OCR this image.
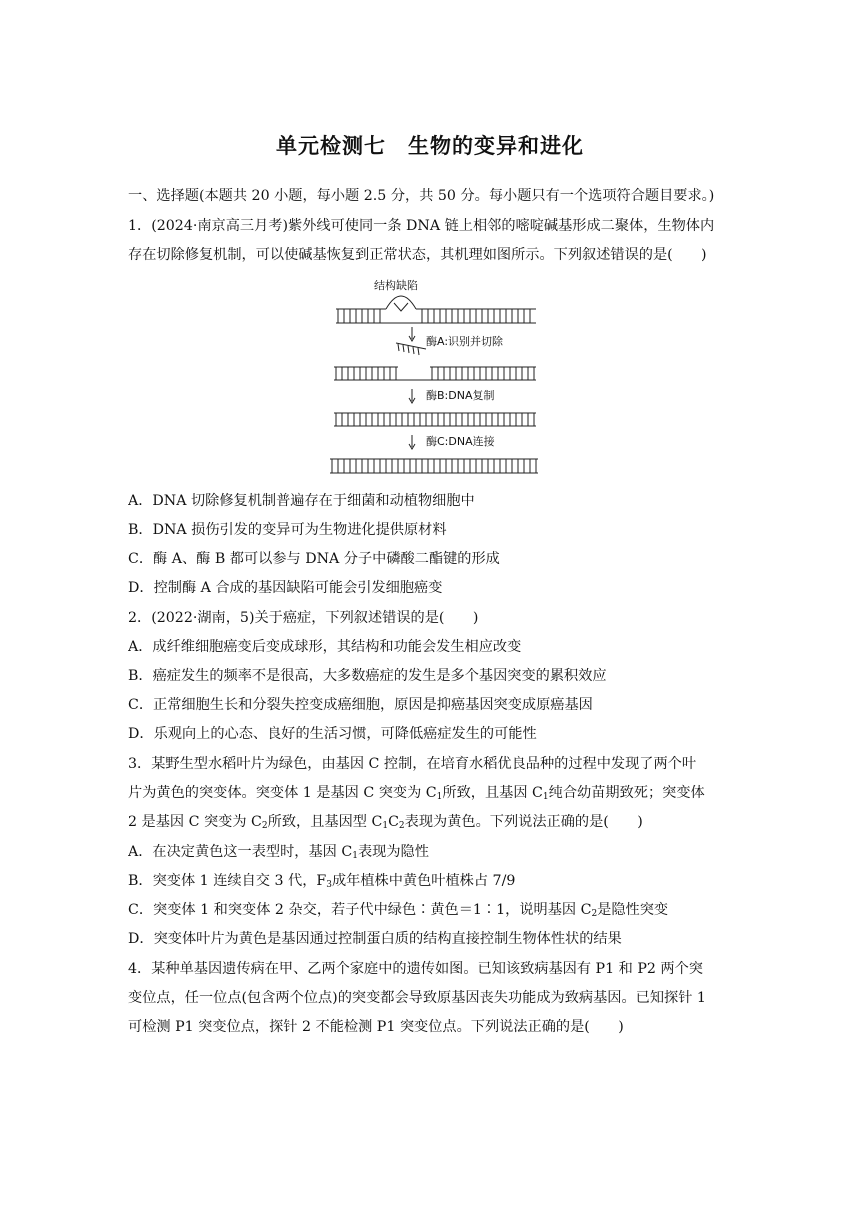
单元检测七　生物的变异和进化
一、选择题(本题共 20 小题，每小题 2.5 分，共 50 分。每小题只有一个选项符合题目要求。)
1．(2024·南京高三月考)紫外线可使同一条 DNA 链上相邻的嘧啶碱基形成二聚体，生物体内
存在切除修复机制，可以使碱基恢复到正常状态，其机理如图所示。下列叙述错误的是(　　)
结构缺陷
酶A:识别并切除
酶B:DNA复制
酶C:DNA连接
A．DNA 切除修复机制普遍存在于细菌和动植物细胞中
B．DNA 损伤引发的变异可为生物进化提供原材料
C．酶 A、酶 B 都可以参与 DNA 分子中磷酸二酯键的形成
D．控制酶 A 合成的基因缺陷可能会引发细胞癌变
2．(2022·湖南，5)关于癌症，下列叙述错误的是(　　)
A．成纤维细胞癌变后变成球形，其结构和功能会发生相应改变
B．癌症发生的频率不是很高，大多数癌症的发生是多个基因突变的累积效应
C．正常细胞生长和分裂失控变成癌细胞，原因是抑癌基因突变成原癌基因
D．乐观向上的心态、良好的生活习惯，可降低癌症发生的可能性
3．某野生型水稻叶片为绿色，由基因 C 控制，在培育水稻优良品种的过程中发现了两个叶
片为黄色的突变体。突变体 1 是基因 C 突变为 $C_1$所致，且基因 $C_1$纯合幼苗期致死；突变体
2 是基因 C 突变为 $C_2$所致，且基因型 $C_1C_2$表现为黄色。下列说法正确的是(　　)
A．在决定黄色这一表型时，基因 $C_1$表现为隐性
B．突变体 1 连续自交 3 代，$F_3$成年植株中黄色叶植株占 7/9
C．突变体 1 和突变体 2 杂交，若子代中绿色∶黄色＝1∶1，说明基因 $C_2$是隐性突变
D．突变体叶片为黄色是基因通过控制蛋白质的结构直接控制生物体性状的结果
4．某种单基因遗传病在甲、乙两个家庭中的遗传如图。已知该致病基因有 P1 和 P2 两个突
变位点，任一位点(包含两个位点)的突变都会导致原基因丧失功能成为致病基因。已知探针 1
可检测 P1 突变位点，探针 2 不能检测 P1 突变位点。下列说法正确的是(　　)
